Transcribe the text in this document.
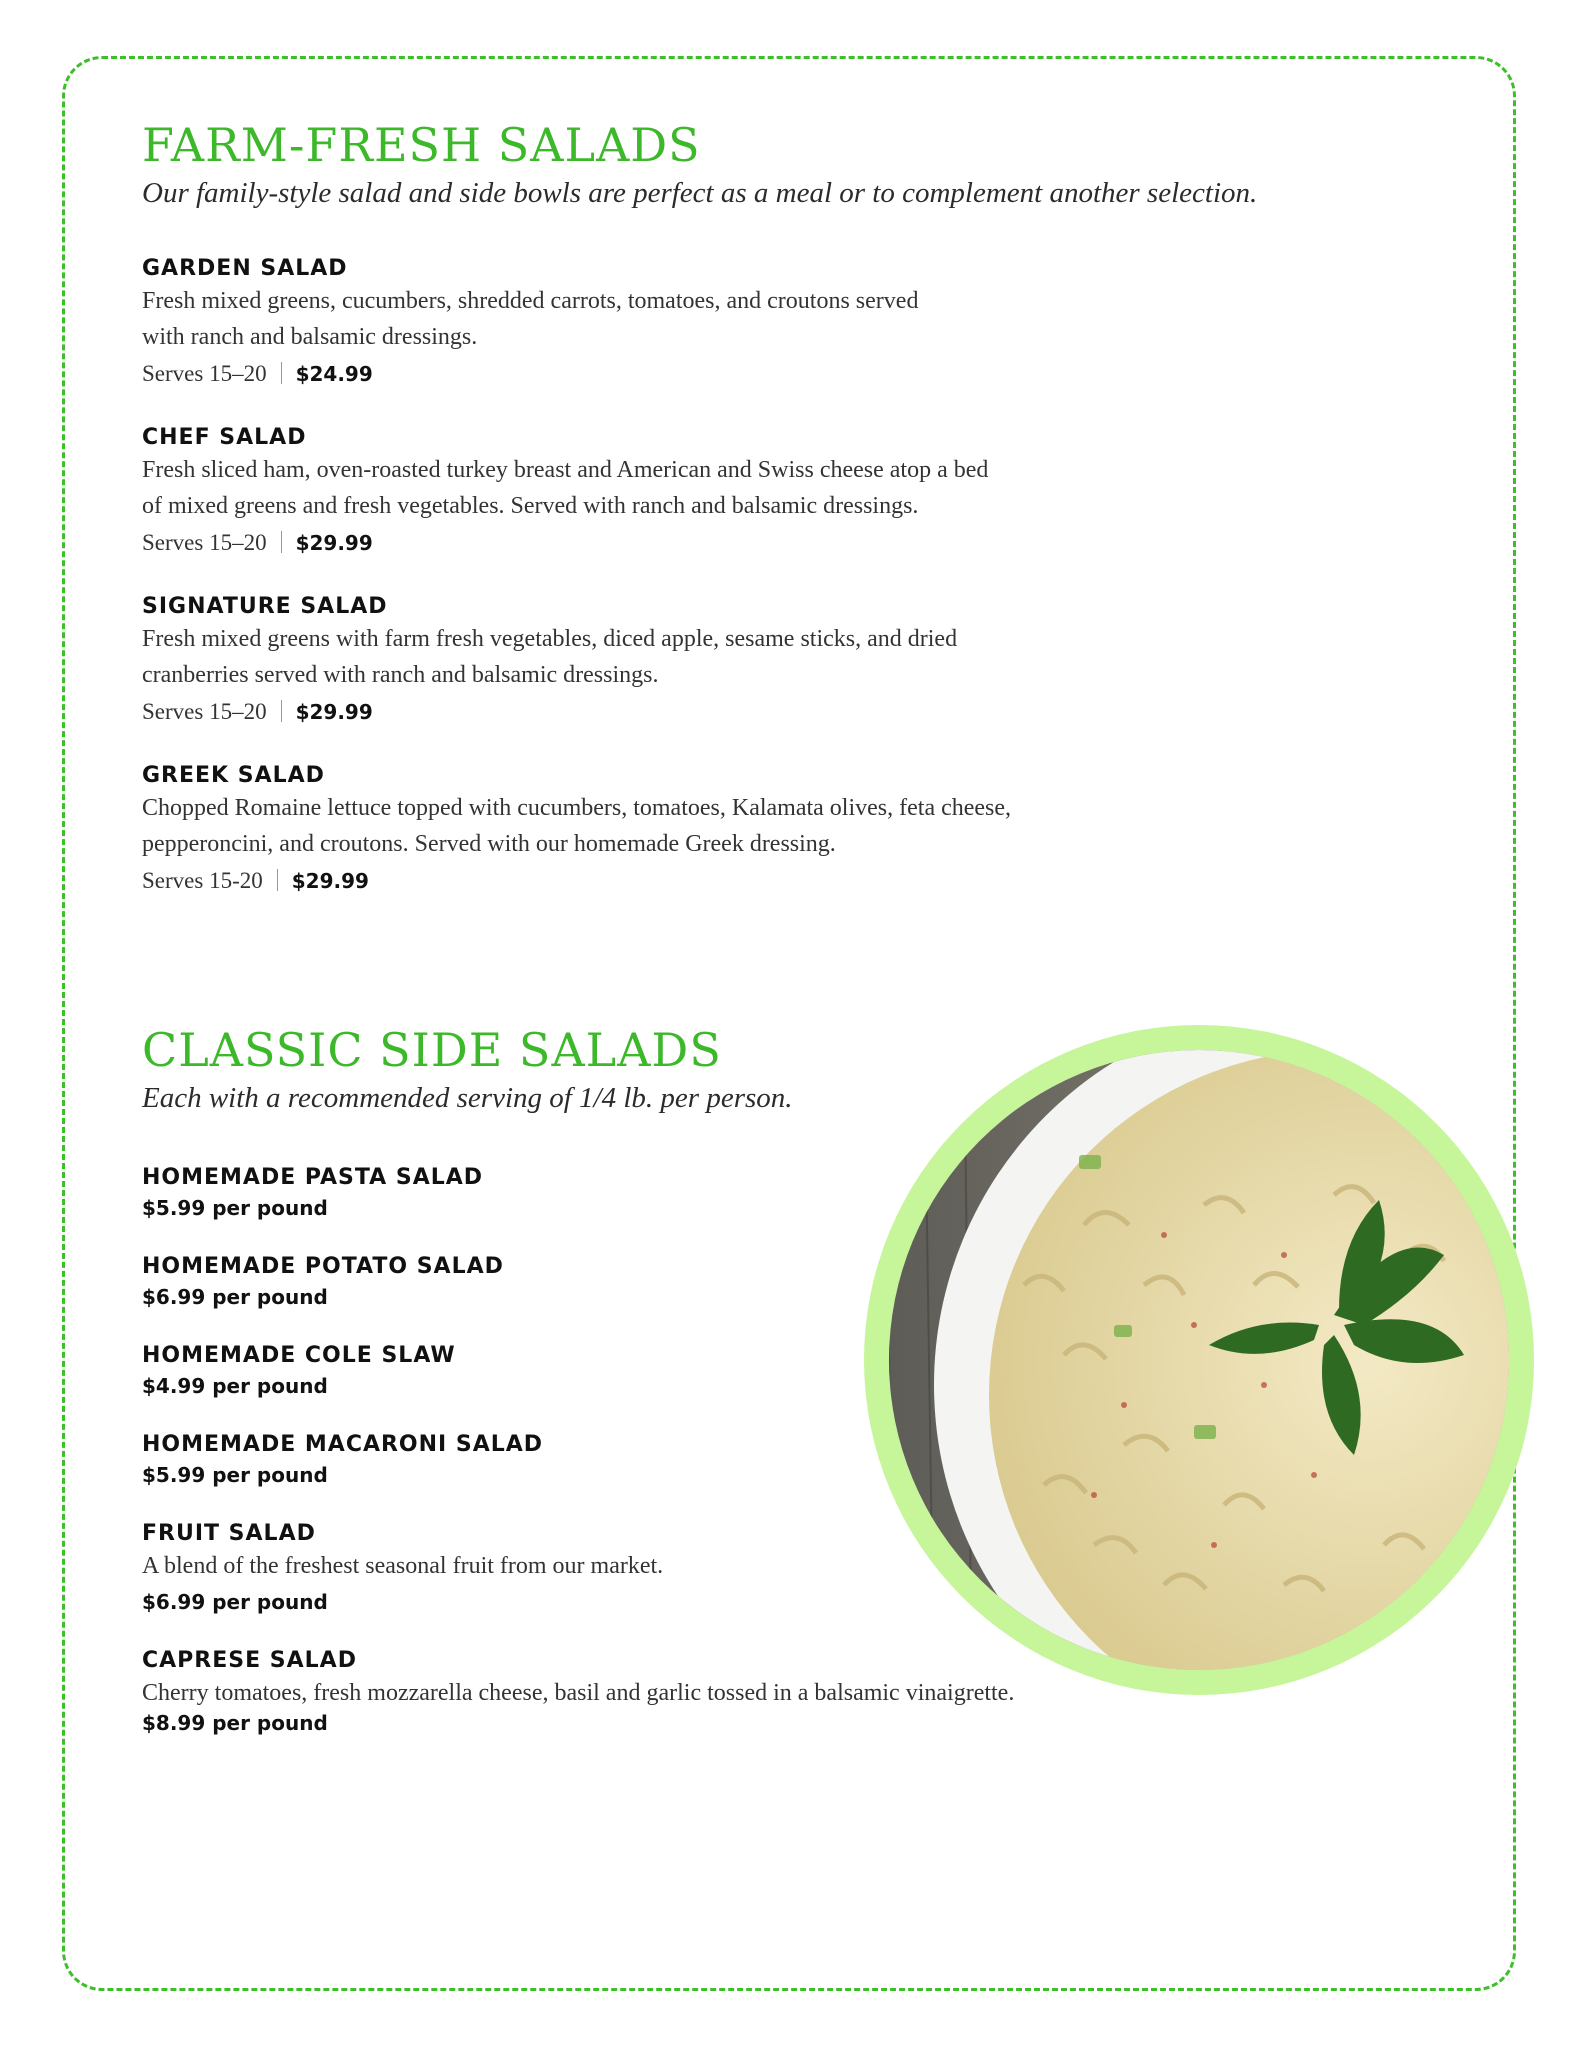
FARM-FRESH SALADS

Our family-style salad and side bowls are perfect as a meal or to complement another selection.

GARDEN SALAD
Fresh mixed greens, cucumbers, shredded carrots, tomatoes, and croutons served
with ranch and balsamic dressings.
Serves 15–20 $24.99
CHEF SALAD
Fresh sliced ham, oven-roasted turkey breast and American and Swiss cheese atop a bed
of mixed greens and fresh vegetables. Served with ranch and balsamic dressings.
Serves 15–20 $29.99
SIGNATURE SALAD
Fresh mixed greens with farm fresh vegetables, diced apple, sesame sticks, and dried
cranberries served with ranch and balsamic dressings.
Serves 15–20 $29.99
GREEK SALAD
Chopped Romaine lettuce topped with cucumbers, tomatoes, Kalamata olives, feta cheese,
pepperoncini, and croutons. Served with our homemade Greek dressing.
Serves 15-20 $29.99
CLASSIC SIDE SALADS

Each with a recommended serving of 1/4 lb. per person.

HOMEMADE PASTA SALAD
$5.99 per pound
HOMEMADE POTATO SALAD
$6.99 per pound
HOMEMADE COLE SLAW
$4.99 per pound
HOMEMADE MACARONI SALAD
$5.99 per pound
FRUIT SALAD
A blend of the freshest seasonal fruit from our market.
$6.99 per pound
CAPRESE SALAD
Cherry tomatoes, fresh mozzarella cheese, basil and garlic tossed in a balsamic vinaigrette.
$8.99 per pound
